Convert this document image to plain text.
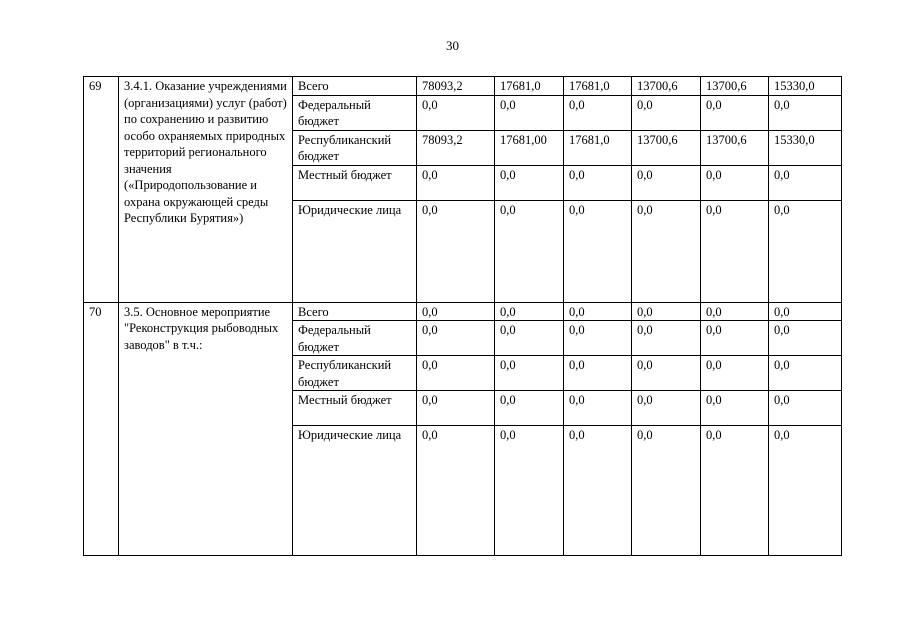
30
69	3.4.1. Оказание учреждениями (организациями) услуг (работ) по сохранению и развитию особо охраняемых природных территорий регионального значения («Природопользование и охрана окружающей среды Республики Бурятия»)	Всего	78093,2	17681,0	17681,0	13700,6	13700,6	15330,0
		Федеральный бюджет	0,0	0,0	0,0	0,0	0,0	0,0
		Республиканский бюджет	78093,2	17681,00	17681,0	13700,6	13700,6	15330,0
		Местный бюджет	0,0	0,0	0,0	0,0	0,0	0,0
		Юридические лица	0,0	0,0	0,0	0,0	0,0	0,0
70	3.5. Основное мероприятие "Реконструкция рыбоводных заводов" в т.ч.:	Всего	0,0	0,0	0,0	0,0	0,0	0,0
		Федеральный бюджет	0,0	0,0	0,0	0,0	0,0	0,0
		Республиканский бюджет	0,0	0,0	0,0	0,0	0,0	0,0
		Местный бюджет	0,0	0,0	0,0	0,0	0,0	0,0
		Юридические лица	0,0	0,0	0,0	0,0	0,0	0,0
